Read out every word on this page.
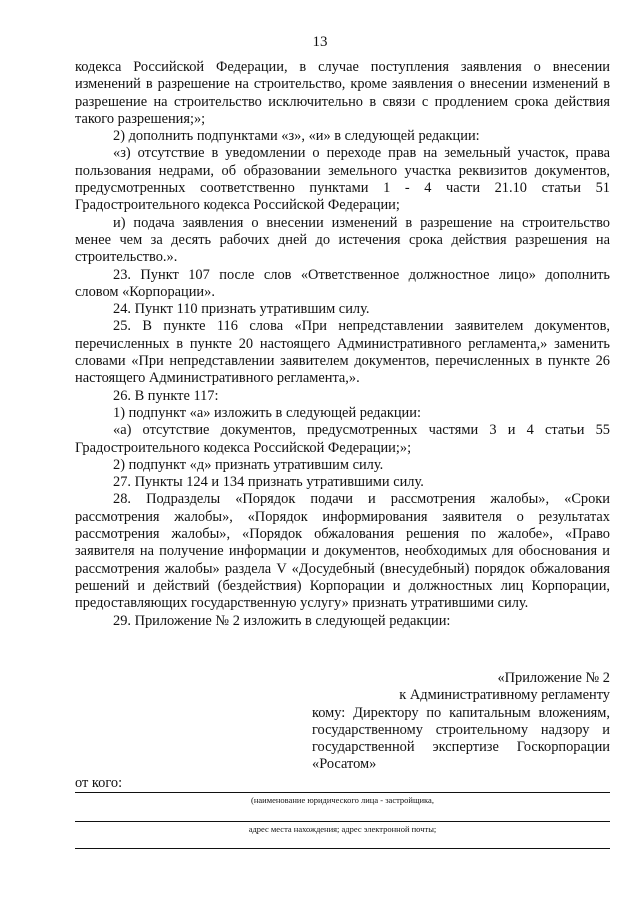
13

кодекса Российской Федерации, в случае поступления заявления о внесении изменений в разрешение на строительство, кроме заявления о внесении изменений в разрешение на строительство исключительно в связи с продлением срока действия такого разрешения;»;

2) дополнить подпунктами «з», «и» в следующей редакции:

«з) отсутствие в уведомлении о переходе прав на земельный участок, права пользования недрами, об образовании земельного участка реквизитов документов, предусмотренных соответственно пунктами 1 - 4 части 21.10 статьи 51 Градостроительного кодекса Российской Федерации;

и) подача заявления о внесении изменений в разрешение на строительство менее чем за десять рабочих дней до истечения срока действия разрешения на строительство.».

23. Пункт 107 после слов «Ответственное должностное лицо» дополнить словом «Корпорации».

24. Пункт 110 признать утратившим силу.

25. В пункте 116 слова «При непредставлении заявителем документов, перечисленных в пункте 20 настоящего Административного регламента,» заменить словами «При непредставлении заявителем документов, перечисленных в пункте 26 настоящего Административного регламента,».

26. В пункте 117:

1) подпункт «а» изложить в следующей редакции:

«а) отсутствие документов, предусмотренных частями 3 и 4 статьи 55 Градостроительного кодекса Российской Федерации;»;

2) подпункт «д» признать утратившим силу.

27. Пункты 124 и 134 признать утратившими силу.

28. Подразделы «Порядок подачи и рассмотрения жалобы», «Сроки рассмотрения жалобы», «Порядок информирования заявителя о результатах рассмотрения жалобы», «Порядок обжалования решения по жалобе», «Право заявителя на получение информации и документов, необходимых для обоснования и рассмотрения жалобы» раздела V «Досудебный (внесудебный) порядок обжалования решений и действий (бездействия) Корпорации и должностных лиц Корпорации, предоставляющих государственную услугу» признать утратившими силу.

29. Приложение № 2 изложить в следующей редакции:

«Приложение № 2
к Административному регламенту
кому: Директору по капитальным вложениям, государственному строительному надзору и государственной экспертизе Госкорпорации «Росатом»
от кого:
(наименование юридического лица - застройщика,
адрес места нахождения; адрес электронной почты;
